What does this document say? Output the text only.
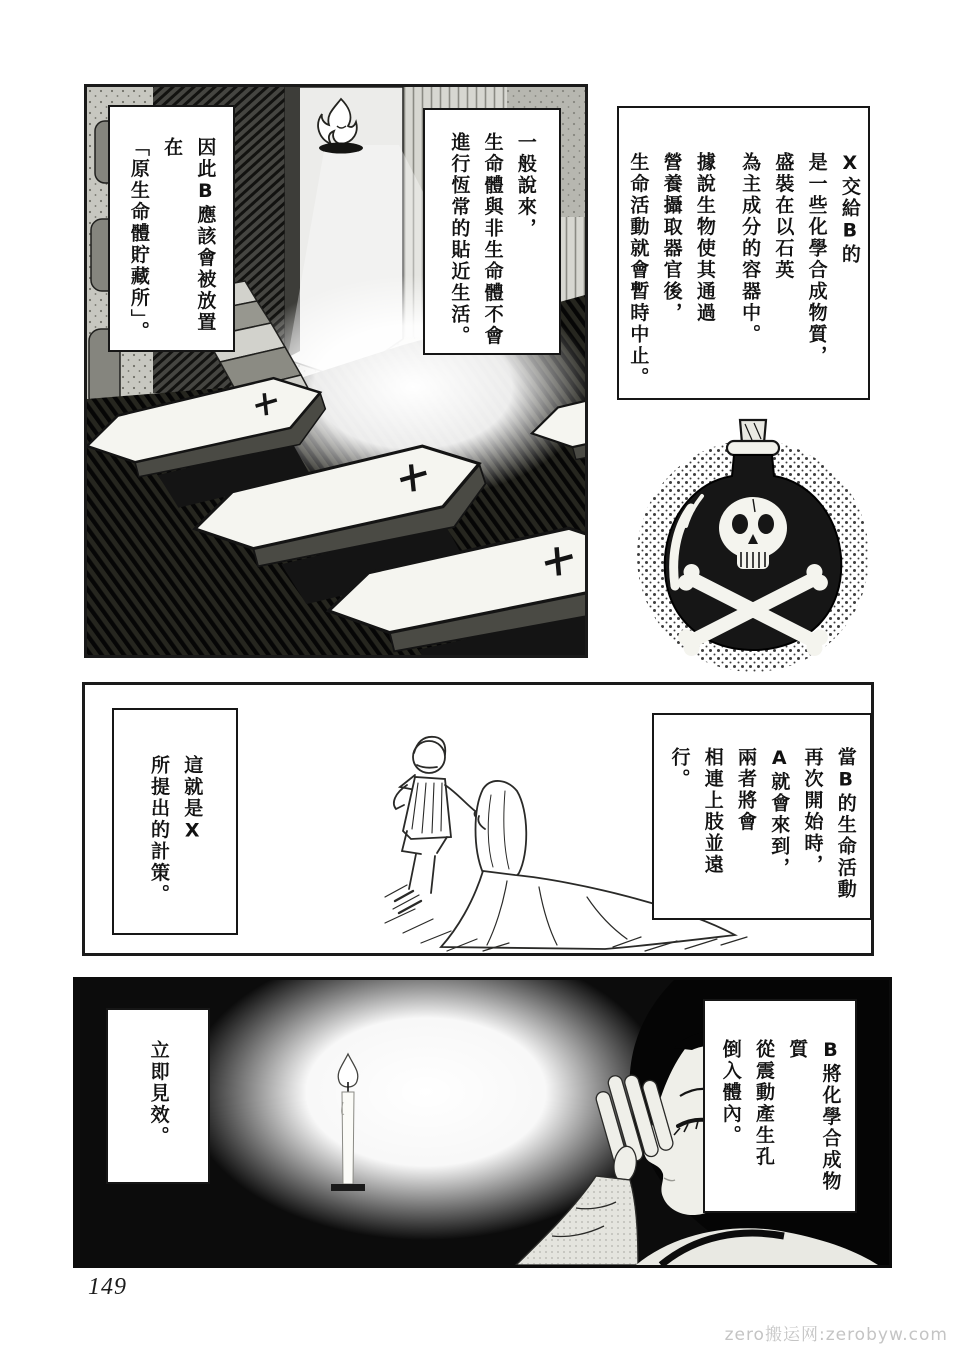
因此B應該會被放置在
「原生命體貯藏所」。	一般說來，
生命體與非生命體不會
進行恆常的貼近生活。	X交給B的
是一些化學合成物質，
盛裝在以石英
為主成分的容器中。
據說生物使其通過
營養攝取器官後，
生命活動就會暫時中止。
這就是X
所提出的計策。	當B的生命活動
再次開始時，
A就會來到，
兩者將會
相連上肢並遠行。
立即見效。	B將化學合成物質
從震動產生孔
倒入體內。
149
zero搬运网:zerobyw.com
